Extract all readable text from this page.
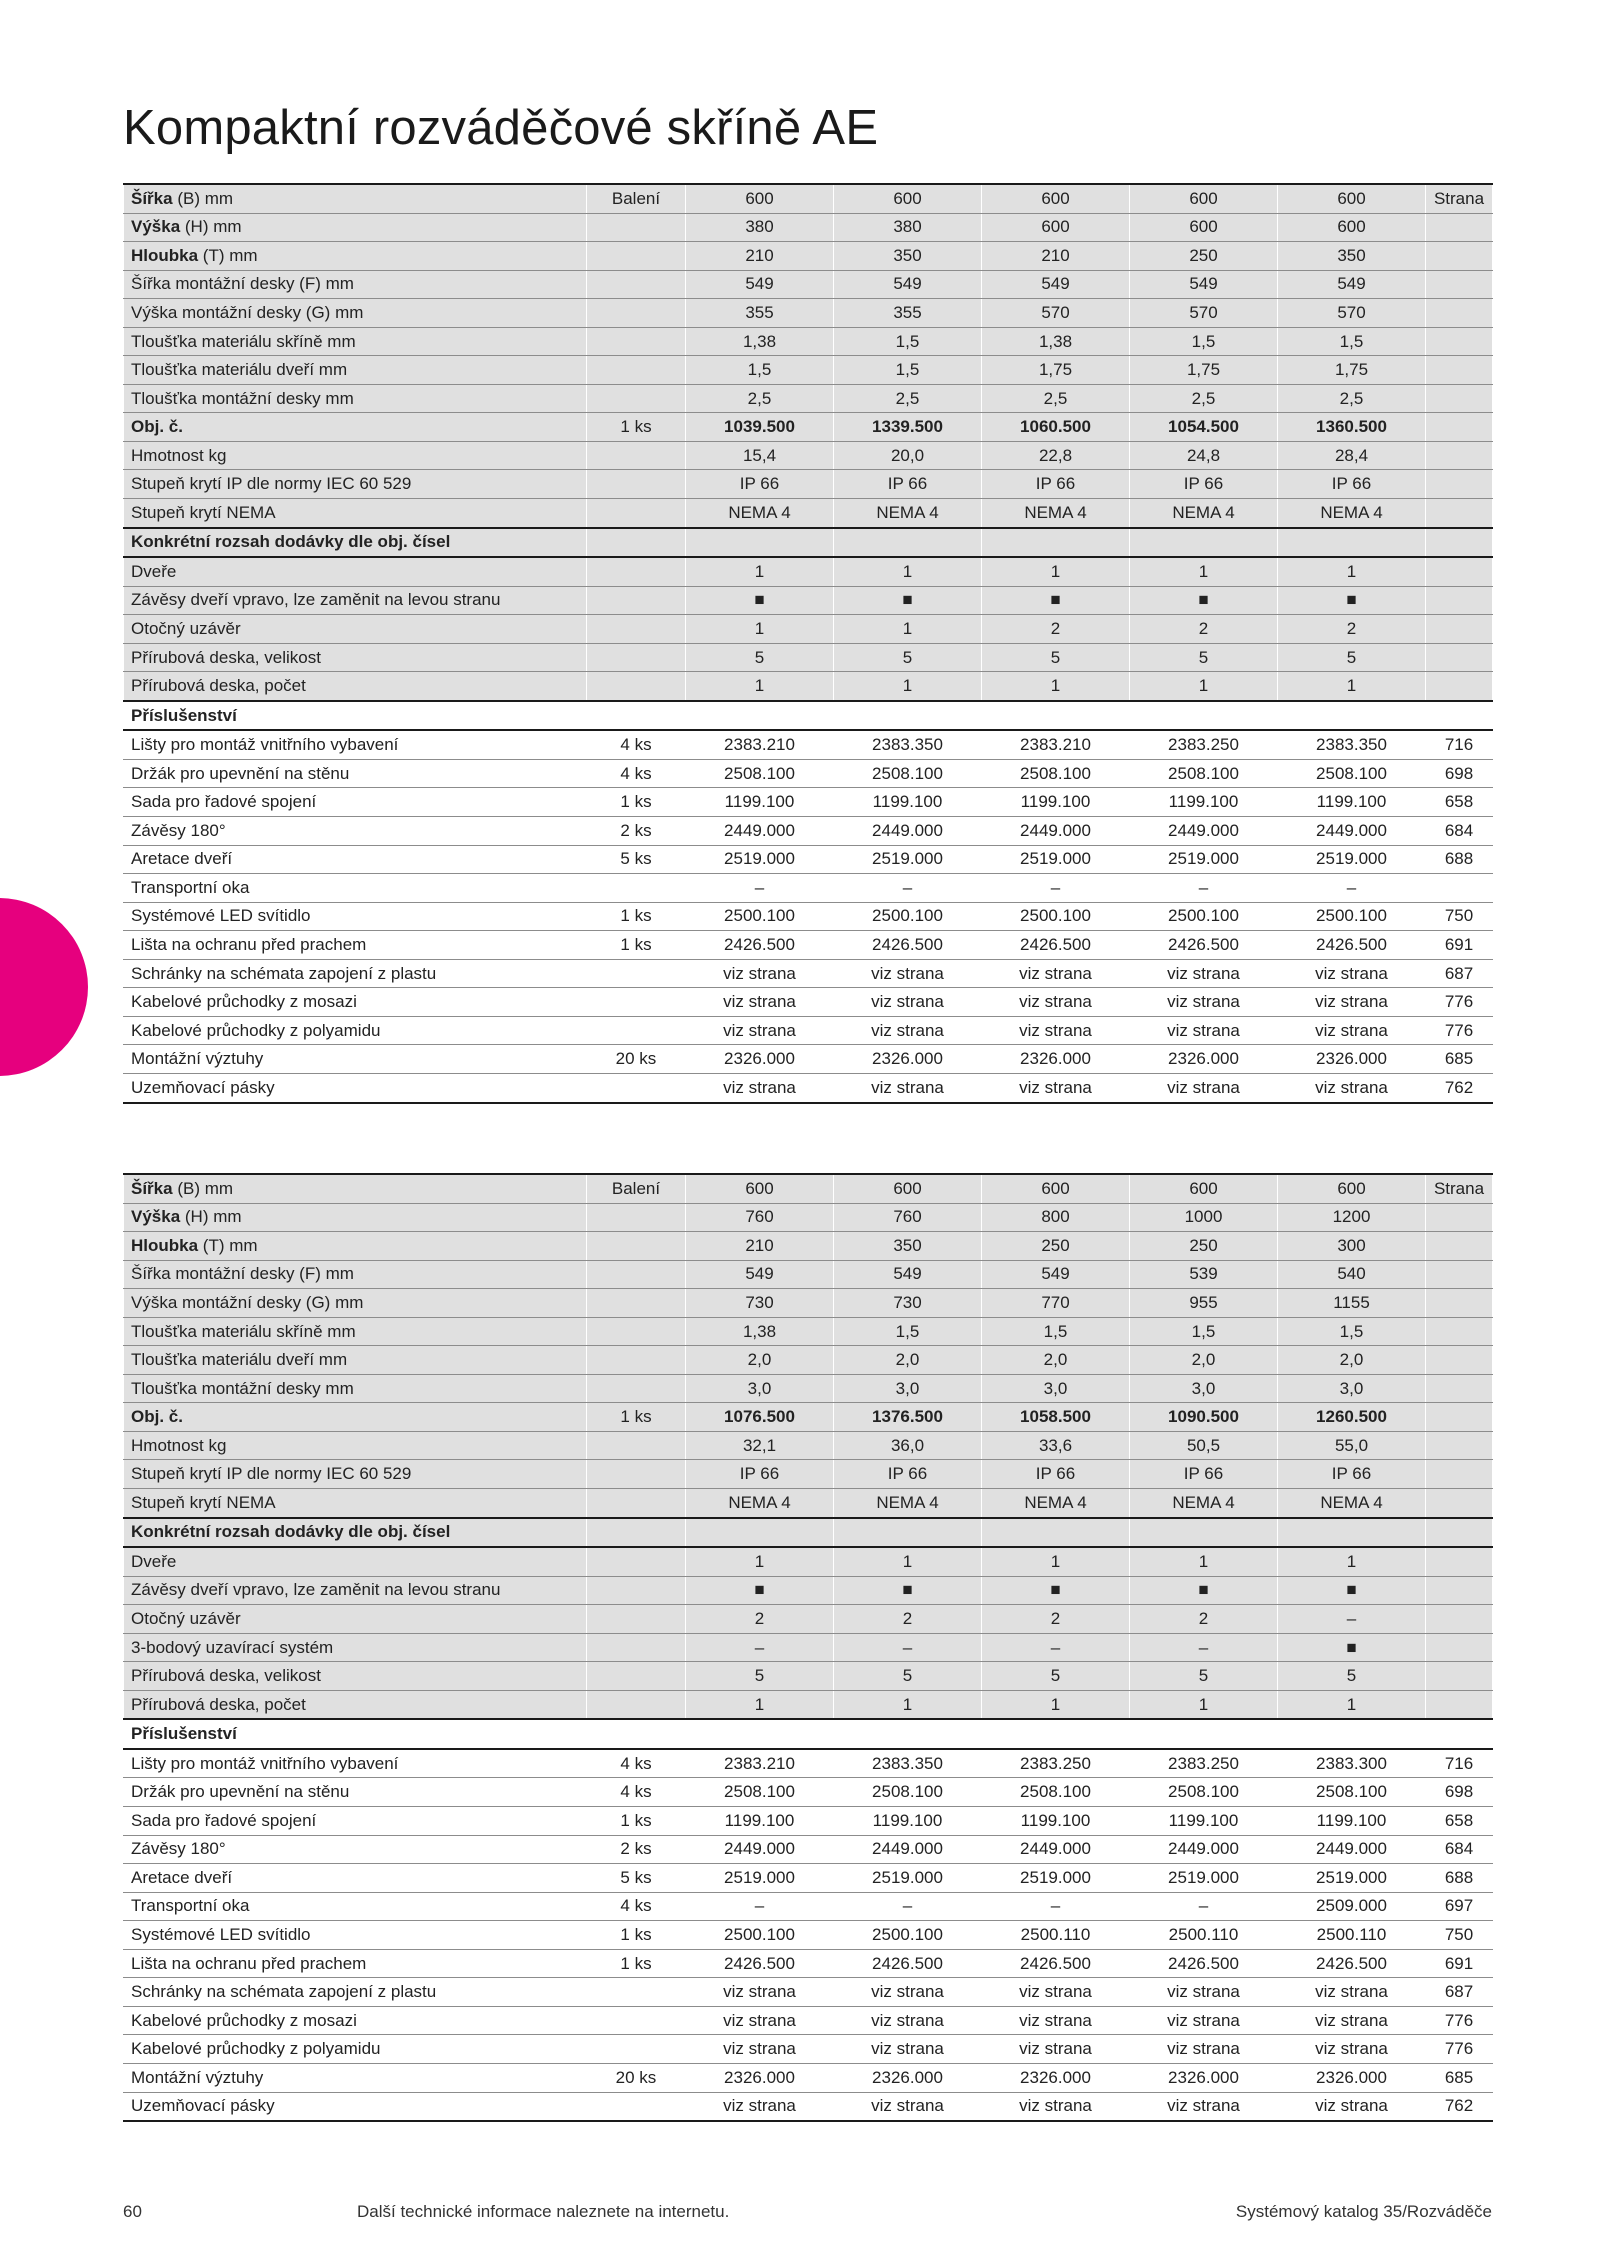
Kompaktní rozváděčové skříně AE
Šířka (B) mm	Balení	600	600	600	600	600	Strana
Výška (H) mm		380	380	600	600	600	
Hloubka (T) mm		210	350	210	250	350	
Šířka montážní desky (F) mm		549	549	549	549	549	
Výška montážní desky (G) mm		355	355	570	570	570	
Tloušťka materiálu skříně mm		1,38	1,5	1,38	1,5	1,5	
Tloušťka materiálu dveří mm		1,5	1,5	1,75	1,75	1,75	
Tloušťka montážní desky mm		2,5	2,5	2,5	2,5	2,5	
Obj. č.	1 ks	1039.500	1339.500	1060.500	1054.500	1360.500	
Hmotnost kg		15,4	20,0	22,8	24,8	28,4	
Stupeň krytí IP dle normy IEC 60 529		IP 66	IP 66	IP 66	IP 66	IP 66	
Stupeň krytí NEMA		NEMA 4	NEMA 4	NEMA 4	NEMA 4	NEMA 4	
Konkrétní rozsah dodávky dle obj. čísel							
Dveře		1	1	1	1	1	
Závěsy dveří vpravo, lze zaměnit na levou stranu		■	■	■	■	■	
Otočný uzávěr		1	1	2	2	2	
Přírubová deska, velikost		5	5	5	5	5	
Přírubová deska, počet		1	1	1	1	1	
Příslušenství							
Lišty pro montáž vnitřního vybavení	4 ks	2383.210	2383.350	2383.210	2383.250	2383.350	716
Držák pro upevnění na stěnu	4 ks	2508.100	2508.100	2508.100	2508.100	2508.100	698
Sada pro řadové spojení	1 ks	1199.100	1199.100	1199.100	1199.100	1199.100	658
Závěsy 180°	2 ks	2449.000	2449.000	2449.000	2449.000	2449.000	684
Aretace dveří	5 ks	2519.000	2519.000	2519.000	2519.000	2519.000	688
Transportní oka		–	–	–	–	–	
Systémové LED svítidlo	1 ks	2500.100	2500.100	2500.100	2500.100	2500.100	750
Lišta na ochranu před prachem	1 ks	2426.500	2426.500	2426.500	2426.500	2426.500	691
Schránky na schémata zapojení z plastu		viz strana	viz strana	viz strana	viz strana	viz strana	687
Kabelové průchodky z mosazi		viz strana	viz strana	viz strana	viz strana	viz strana	776
Kabelové průchodky z polyamidu		viz strana	viz strana	viz strana	viz strana	viz strana	776
Montážní výztuhy	20 ks	2326.000	2326.000	2326.000	2326.000	2326.000	685
Uzemňovací pásky		viz strana	viz strana	viz strana	viz strana	viz strana	762
Šířka (B) mm	Balení	600	600	600	600	600	Strana
Výška (H) mm		760	760	800	1000	1200	
Hloubka (T) mm		210	350	250	250	300	
Šířka montážní desky (F) mm		549	549	549	539	540	
Výška montážní desky (G) mm		730	730	770	955	1155	
Tloušťka materiálu skříně mm		1,38	1,5	1,5	1,5	1,5	
Tloušťka materiálu dveří mm		2,0	2,0	2,0	2,0	2,0	
Tloušťka montážní desky mm		3,0	3,0	3,0	3,0	3,0	
Obj. č.	1 ks	1076.500	1376.500	1058.500	1090.500	1260.500	
Hmotnost kg		32,1	36,0	33,6	50,5	55,0	
Stupeň krytí IP dle normy IEC 60 529		IP 66	IP 66	IP 66	IP 66	IP 66	
Stupeň krytí NEMA		NEMA 4	NEMA 4	NEMA 4	NEMA 4	NEMA 4	
Konkrétní rozsah dodávky dle obj. čísel							
Dveře		1	1	1	1	1	
Závěsy dveří vpravo, lze zaměnit na levou stranu		■	■	■	■	■	
Otočný uzávěr		2	2	2	2	–	
3-bodový uzavírací systém		–	–	–	–	■	
Přírubová deska, velikost		5	5	5	5	5	
Přírubová deska, počet		1	1	1	1	1	
Příslušenství							
Lišty pro montáž vnitřního vybavení	4 ks	2383.210	2383.350	2383.250	2383.250	2383.300	716
Držák pro upevnění na stěnu	4 ks	2508.100	2508.100	2508.100	2508.100	2508.100	698
Sada pro řadové spojení	1 ks	1199.100	1199.100	1199.100	1199.100	1199.100	658
Závěsy 180°	2 ks	2449.000	2449.000	2449.000	2449.000	2449.000	684
Aretace dveří	5 ks	2519.000	2519.000	2519.000	2519.000	2519.000	688
Transportní oka	4 ks	–	–	–	–	2509.000	697
Systémové LED svítidlo	1 ks	2500.100	2500.100	2500.110	2500.110	2500.110	750
Lišta na ochranu před prachem	1 ks	2426.500	2426.500	2426.500	2426.500	2426.500	691
Schránky na schémata zapojení z plastu		viz strana	viz strana	viz strana	viz strana	viz strana	687
Kabelové průchodky z mosazi		viz strana	viz strana	viz strana	viz strana	viz strana	776
Kabelové průchodky z polyamidu		viz strana	viz strana	viz strana	viz strana	viz strana	776
Montážní výztuhy	20 ks	2326.000	2326.000	2326.000	2326.000	2326.000	685
Uzemňovací pásky		viz strana	viz strana	viz strana	viz strana	viz strana	762
60	Další technické informace naleznete na internetu.	Systémový katalog 35/Rozváděče
